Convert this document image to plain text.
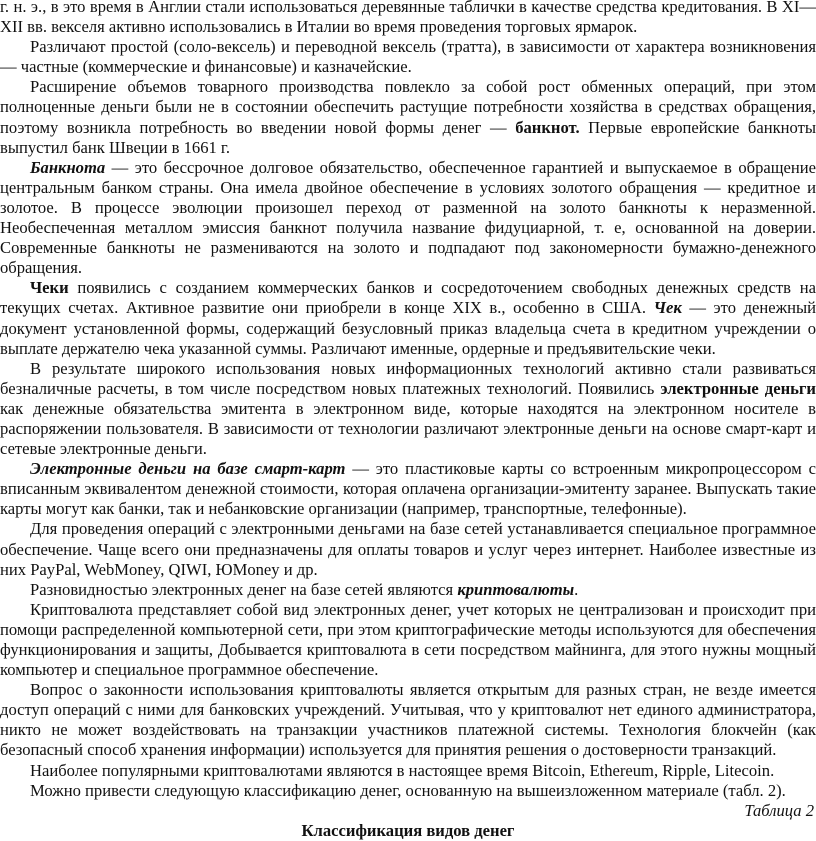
г. н. э., в это время в Англии стали использоваться деревянные таблички в качестве средства кредитования. В XI—XII вв. векселя активно использовались в Италии во время проведения торговых ярмарок.

Различают простой (соло-вексель) и переводной вексель (тратта), в зависимости от характера возникновения — частные (коммерческие и финансовые) и казначейские.

Расширение объемов товарного производства повлекло за собой рост обменных операций, при этом полноценные деньги были не в состоянии обеспечить растущие потребности хозяйства в средствах обращения, поэтому возникла потребность во введении новой формы денег — банкнот. Первые европейские банкноты выпустил банк Швеции в 1661 г.

Банкнота — это бессрочное долговое обязательство, обеспеченное гарантией и выпускаемое в обращение центральным банком страны. Она имела двойное обеспечение в условиях золотого обращения — кредитное и золотое. В процессе эволюции произошел переход от разменной на золото банкноты к неразменной. Необеспеченная металлом эмиссия банкнот получила название фидуциарной, т. е, основанной на доверии. Современные банкноты не размениваются на золото и подпадают под закономерности бумажно-денежного обращения.

Чеки появились с созданием коммерческих банков и сосредоточением свободных денежных средств на текущих счетах. Активное развитие они приобрели в конце XIX в., особенно в США. Чек — это денежный документ установленной формы, содержащий безусловный приказ владельца счета в кредитном учреждении о выплате держателю чека указанной суммы. Различают именные, ордерные и предъявительские чеки.

В результате широкого использования новых информационных технологий активно стали развиваться безналичные расчеты, в том числе посредством новых платежных технологий. Появились электронные деньги как денежные обязательства эмитента в электронном виде, которые находятся на электронном носителе в распоряжении пользователя. В зависимости от технологии различают электронные деньги на основе смарт-карт и сетевые электронные деньги.

Электронные деньги на базе смарт-карт — это пластиковые карты со встроенным микропроцессором с вписанным эквивалентом денежной стоимости, которая оплачена организации-эмитенту заранее. Выпускать такие карты могут как банки, так и небанковские организации (например, транспортные, телефонные).

Для проведения операций с электронными деньгами на базе сетей устанавливается специальное программное обеспечение. Чаще всего они предназначены для оплаты товаров и услуг через интернет. Наиболее известные из них PayPal, WebMoney, QIWI, ЮMoney и др.

Разновидностью электронных денег на базе сетей являются криптовалюты.

Криптовалюта представляет собой вид электронных денег, учет которых не централизован и происходит при помощи распределенной компьютерной сети, при этом криптографические методы используются для обеспечения функционирования и защиты, Добывается криптовалюта в сети посредством майнинга, для этого нужны мощный компьютер и специальное программное обеспечение.

Вопрос о законности использования криптовалюты является открытым для разных стран, не везде имеется доступ операций с ними для банковских учреждений. Учитывая, что у криптовалют нет единого администратора, никто не может воздействовать на транзакции участников платежной системы. Технология блокчейн (как безопасный способ хранения информации) используется для принятия решения о достоверности транзакций.

Наиболее популярными криптовалютами являются в настоящее время Bitcoin, Ethereum, Ripple, Litecoin.

Можно привести следующую классификацию денег, основанную на вышеизложенном материале (табл. 2).

Таблица 2
Классификация видов денег
